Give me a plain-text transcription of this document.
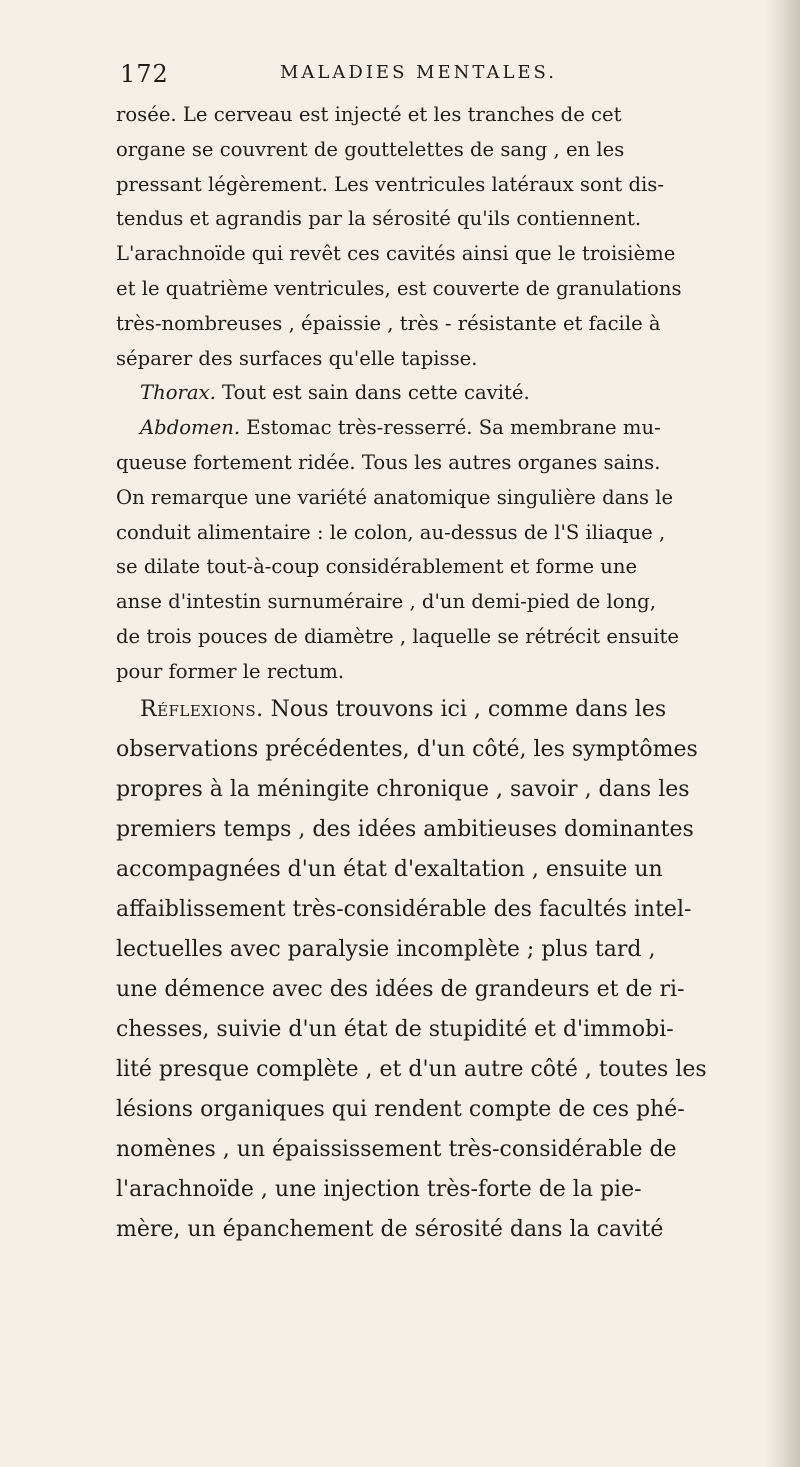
172	MALADIES MENTALES.
rosée. Le cerveau est injecté et les tranches de cet
organe se couvrent de gouttelettes de sang , en les
pressant légèrement. Les ventricules latéraux sont dis-
tendus et agrandis par la sérosité qu'ils contiennent.
L'arachnoïde qui revêt ces cavités ainsi que le troisième
et le quatrième ventricules, est couverte de granulations
très-nombreuses , épaissie , très - résistante et facile à
séparer des surfaces qu'elle tapisse.
Thorax. Tout est sain dans cette cavité.
Abdomen. Estomac très-resserré. Sa membrane mu-
queuse fortement ridée. Tous les autres organes sains.
On remarque une variété anatomique singulière dans le
conduit alimentaire : le colon, au-dessus de l'S iliaque ,
se dilate tout-à-coup considérablement et forme une
anse d'intestin surnuméraire , d'un demi-pied de long,
de trois pouces de diamètre , laquelle se rétrécit ensuite
pour former le rectum.
Réflexions. Nous trouvons ici , comme dans les
observations précédentes, d'un côté, les symptômes
propres à la méningite chronique , savoir , dans les
premiers temps , des idées ambitieuses dominantes
accompagnées d'un état d'exaltation , ensuite un
affaiblissement très-considérable des facultés intel-
lectuelles avec paralysie incomplète ; plus tard ,
une démence avec des idées de grandeurs et de ri-
chesses, suivie d'un état de stupidité et d'immobi-
lité presque complète , et d'un autre côté , toutes les
lésions organiques qui rendent compte de ces phé-
nomènes , un épaississement très-considérable de
l'arachnoïde , une injection très-forte de la pie-
mère, un épanchement de sérosité dans la cavité
